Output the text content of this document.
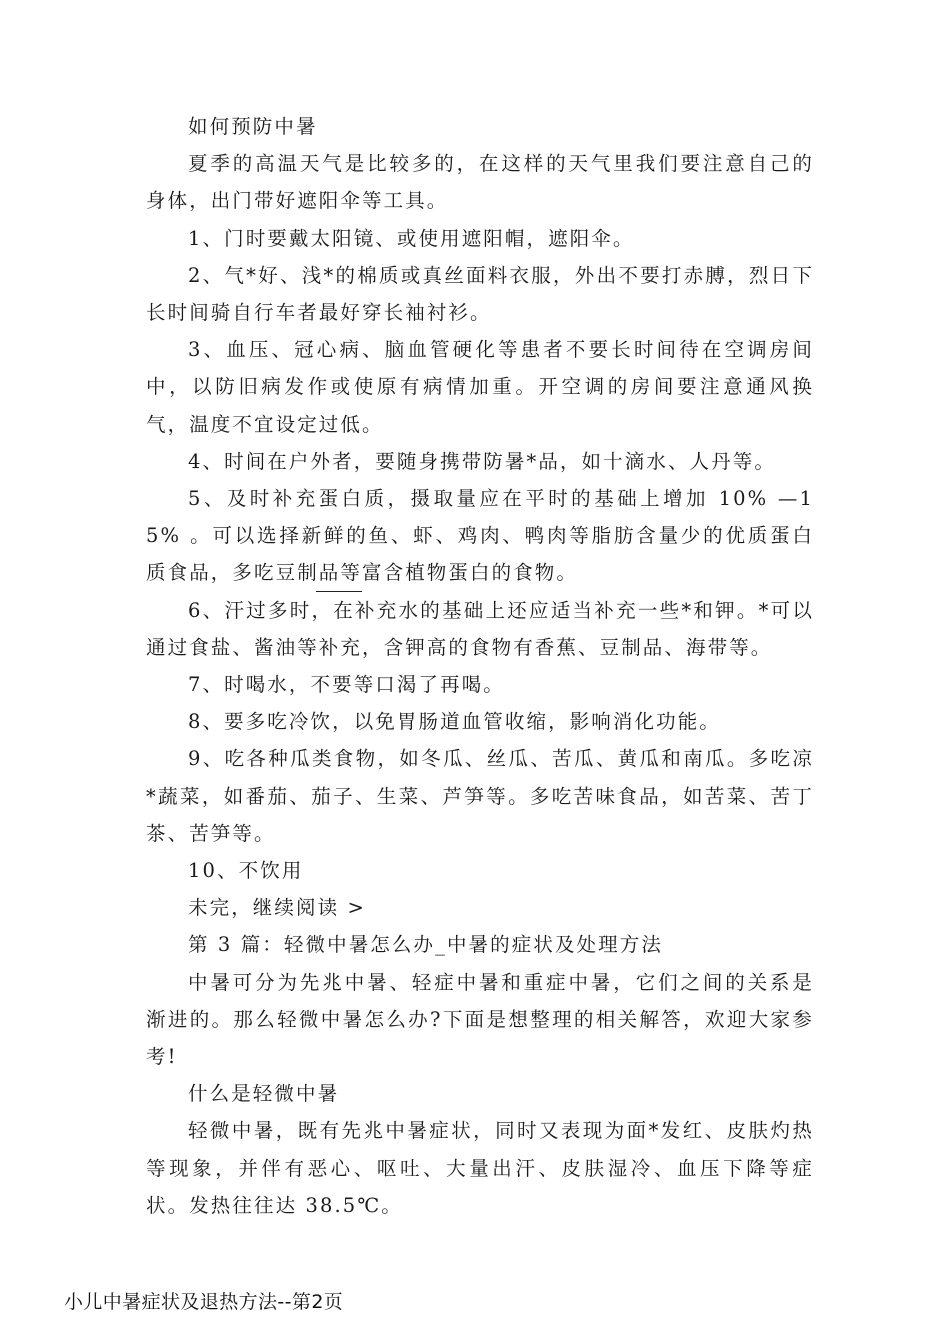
如何预防中暑

夏季的高温天气是比较多的，在这样的天气里我们要注意自己的身体，出门带好遮阳伞等工具。

1、门时要戴太阳镜、或使用遮阳帽，遮阳伞。

2、气*好、浅*的棉质或真丝面料衣服，外出不要打赤膊，烈日下长时间骑自行车者最好穿长袖衬衫。

3、血压、冠心病、脑血管硬化等患者不要长时间待在空调房间中，以防旧病发作或使原有病情加重。开空调的房间要注意通风换气，温度不宜设定过低。

4、时间在户外者，要随身携带防暑*品，如十滴水、人丹等。

5、及时补充蛋白质，摄取量应在平时的基础上增加 10% —15% 。可以选择新鲜的鱼、虾、鸡肉、鸭肉等脂肪含量少的优质蛋白质食品，多吃豆制品等富含植物蛋白的食物。

6、汗过多时，在补充水的基础上还应适当补充一些*和钾。*可以通过食盐、酱油等补充，含钾高的食物有香蕉、豆制品、海带等。

7、时喝水，不要等口渴了再喝。

8、要多吃冷饮，以免胃肠道血管收缩，影响消化功能。

9、吃各种瓜类食物，如冬瓜、丝瓜、苦瓜、黄瓜和南瓜。多吃凉*蔬菜，如番茄、茄子、生菜、芦笋等。多吃苦味食品，如苦菜、苦丁茶、苦笋等。

10、不饮用

未完，继续阅读 >

第 3 篇：轻微中暑怎么办_中暑的症状及处理方法

中暑可分为先兆中暑、轻症中暑和重症中暑，它们之间的关系是渐进的。那么轻微中暑怎么办?下面是想整理的相关解答，欢迎大家参考!

什么是轻微中暑

轻微中暑，既有先兆中暑症状，同时又表现为面*发红、皮肤灼热等现象，并伴有恶心、呕吐、大量出汗、皮肤湿冷、血压下降等症状。发热往往达 38.5℃。

小儿中暑症状及退热方法--第2页
